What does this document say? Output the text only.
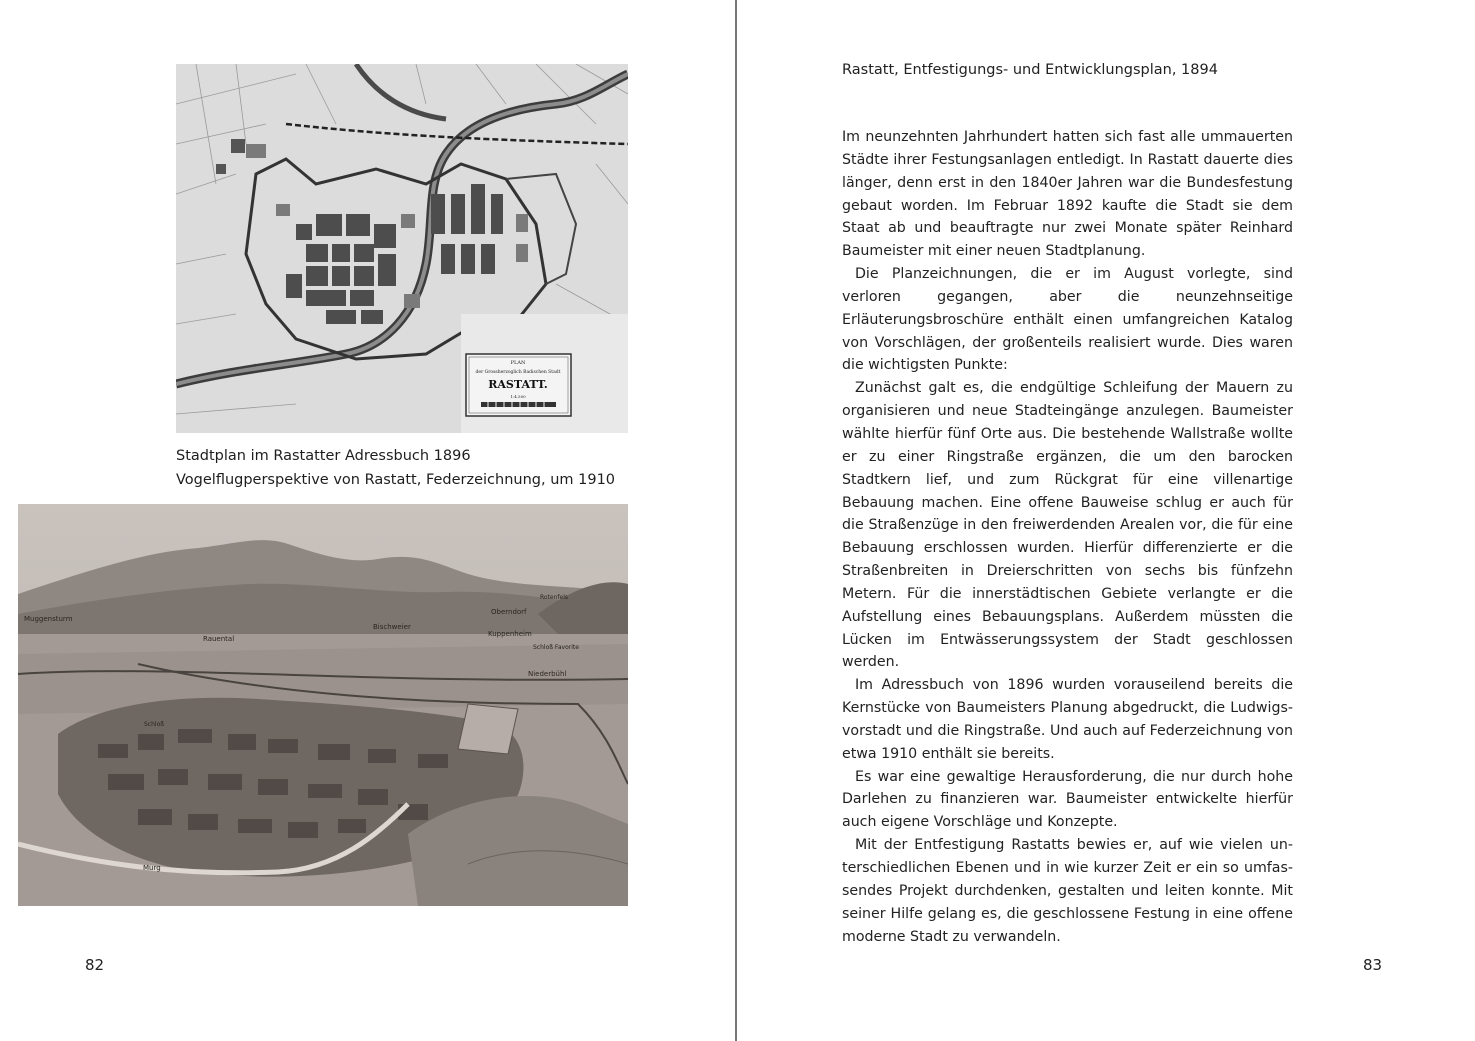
PLAN
der Grossherzoglich Badischen Stadt
RASTATT.
1:4.500
Stadtplan im Rastatter Adressbuch 1896
Vogelflugperspektive von Rastatt, Federzeichnung, um 1910
Muggensturm
Rauental
Bischweier
Oberndorf
Rotenfels
Kuppenheim
Schloß Favorite
Niederbühl
Schloß
Murg
82
Rastatt, Entfestigungs- und Entwicklungsplan, 1894

Im neunzehnten Jahrhundert hatten sich fast alle ummauerten Städte ihrer Festungsanlagen entledigt. In Rastatt dauerte dies länger, denn erst in den 1840er Jahren war die Bundesfestung gebaut worden. Im Februar 1892 kaufte die Stadt sie dem Staat ab und beauftragte nur zwei Monate später Reinhard Baumeister mit einer neuen Stadtplanung.

Die Planzeichnungen, die er im August vorlegte, sind verloren gegangen, aber die neunzehnseitige Erläuterungsbroschüre enthält einen umfangreichen Katalog von Vorschlägen, der großenteils realisiert wurde. Dies waren die wichtigsten Punkte:

Zunächst galt es, die endgültige Schleifung der Mauern zu organisieren und neue Stadteingänge anzulegen. Baumeister wählte hierfür fünf Orte aus. Die bestehende Wallstraße wollte er zu einer Ringstraße ergänzen, die um den barocken Stadtkern lief, und zum Rückgrat für eine villenartige Bebauung machen. Eine offene Bauweise schlug er auch für die Straßenzüge in den freiwerdenden Arealen vor, die für eine Bebauung erschlossen wurden. Hierfür differenzierte er die Straßenbreiten in Dreierschritten von sechs bis fünfzehn Metern. Für die innerstädtischen Gebiete verlangte er die Aufstellung eines Bebauungsplans. Außerdem müssten die Lücken im Entwässerungssystem der Stadt geschlossen werden.

Im Adressbuch von 1896 wurden vorauseilend bereits die Kernstücke von Baumeisters Planung abgedruckt, die Ludwigsvorstadt und die Ringstraße. Und auch auf Federzeichnung von etwa 1910 enthält sie bereits.

Es war eine gewaltige Herausforderung, die nur durch hohe Darlehen zu finanzieren war. Baumeister entwickelte hierfür auch eigene Vorschläge und Konzepte.

Mit der Entfestigung Rastatts bewies er, auf wie vielen unterschiedlichen Ebenen und in wie kurzer Zeit er ein so umfassendes Projekt durchdenken, gestalten und leiten konnte. Mit seiner Hilfe gelang es, die geschlossene Festung in eine offene moderne Stadt zu verwandeln.

83
